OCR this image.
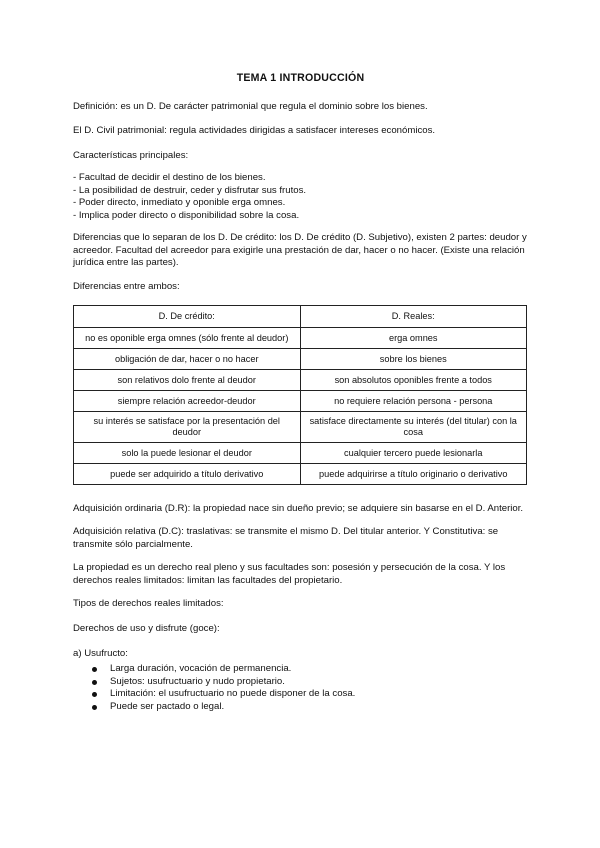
TEMA 1 INTRODUCCIÓN

Definición: es un D. De carácter patrimonial que regula el dominio sobre los bienes.

El D. Civil patrimonial: regula actividades dirigidas a satisfacer intereses económicos.

Características principales:

- Facultad de decidir el destino de los bienes.
- La posibilidad de destruir, ceder y disfrutar sus frutos.
- Poder directo, inmediato y oponible erga omnes.
- Implica poder directo o disponibilidad sobre la cosa.

Diferencias que lo separan de los D. De crédito: los D. De crédito (D. Subjetivo), existen 2 partes: deudor y acreedor. Facultad del acreedor para exigirle una prestación de dar, hacer o no hacer. (Existe una relación jurídica entre las partes).

Diferencias entre ambos:

D. De crédito:	D. Reales:
no es oponible erga omnes (sólo frente al deudor)	erga omnes
obligación de dar, hacer o no hacer	sobre los bienes
son relativos dolo frente al deudor	son absolutos oponibles frente a todos
siempre relación acreedor-deudor	no requiere relación persona - persona
su interés se satisface por la presentación del deudor	satisface directamente su interés (del titular) con la cosa
solo la puede lesionar el deudor	cualquier tercero puede lesionarla
puede ser adquirido a título derivativo	puede adquirirse a título originario o derivativo

Adquisición ordinaria (D.R): la propiedad nace sin dueño previo; se adquiere sin basarse en el D. Anterior.

Adquisición relativa (D.C): traslativas: se transmite el mismo D. Del titular anterior. Y Constitutiva: se transmite sólo parcialmente.

La propiedad es un derecho real pleno y sus facultades son: posesión y persecución de la cosa. Y los derechos reales limitados: limitan las facultades del propietario.

Tipos de derechos reales limitados:

Derechos de uso y disfrute (goce):

a) Usufructo:

Larga duración, vocación de permanencia.
Sujetos: usufructuario y nudo propietario.
Limitación: el usufructuario no puede disponer de la cosa.
Puede ser pactado o legal.
